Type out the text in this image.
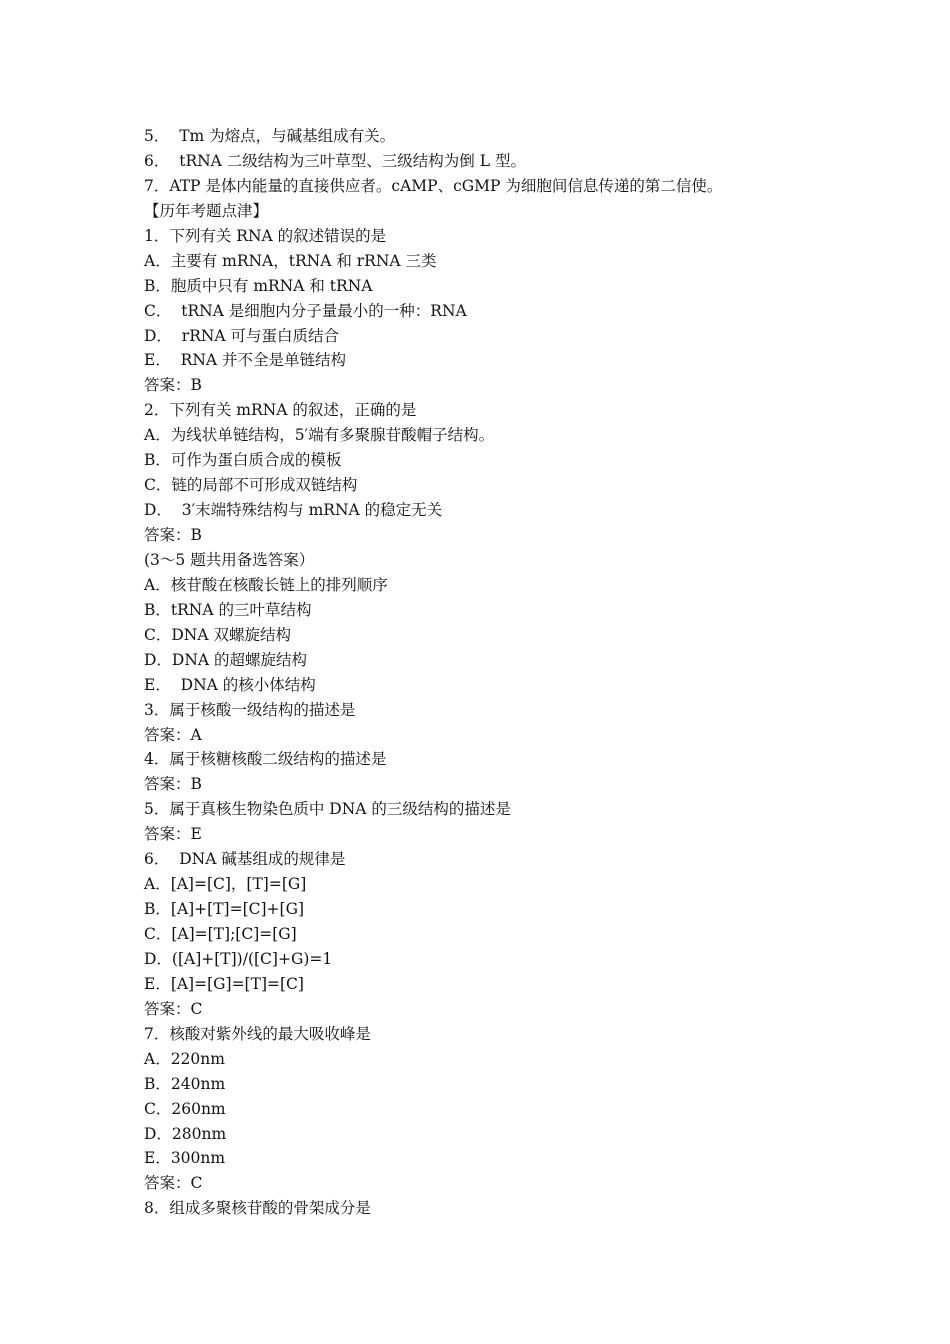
5．  Tm 为熔点，与碱基组成有关。
6．  tRNA 二级结构为三叶草型、三级结构为倒 L 型。
7．ATP 是体内能量的直接供应者。cAMP、cGMP 为细胞间信息传递的第二信使。
【历年考题点津】
1．下列有关 RNA 的叙述错误的是
A．主要有 mRNA，tRNA 和 rRNA 三类
B．胞质中只有 mRNA 和 tRNA
C．  tRNA 是细胞内分子量最小的一种：RNA
D．  rRNA 可与蛋白质结合
E．  RNA 并不全是单链结构
答案：B
2．下列有关 mRNA 的叙述，正确的是
A．为线状单链结构，5′端有多聚腺苷酸帽子结构。
B．可作为蛋白质合成的模板
C．链的局部不可形成双链结构
D．  3′末端特殊结构与 mRNA 的稳定无关
答案：B
(3～5 题共用备选答案）
A．核苷酸在核酸长链上的排列顺序
B．tRNA 的三叶草结构
C．DNA 双螺旋结构
D．DNA 的超螺旋结构
E．  DNA 的核小体结构
3．属于核酸一级结构的描述是
答案：A
4．属于核糖核酸二级结构的描述是
答案：B
5．属于真核生物染色质中 DNA 的三级结构的描述是
答案：E
6．  DNA 碱基组成的规律是
A．[A]=[C]，[T]=[G]
B．[A]+[T]=[C]+[G]
C．[A]=[T];[C]=[G]
D．([A]+[T])/([C]+G)=1
E．[A]=[G]=[T]=[C]
答案：C
7．核酸对紫外线的最大吸收峰是
A．220nm
B．240nm
C．260nm
D．280nm
E．300nm
答案：C
8．组成多聚核苷酸的骨架成分是
